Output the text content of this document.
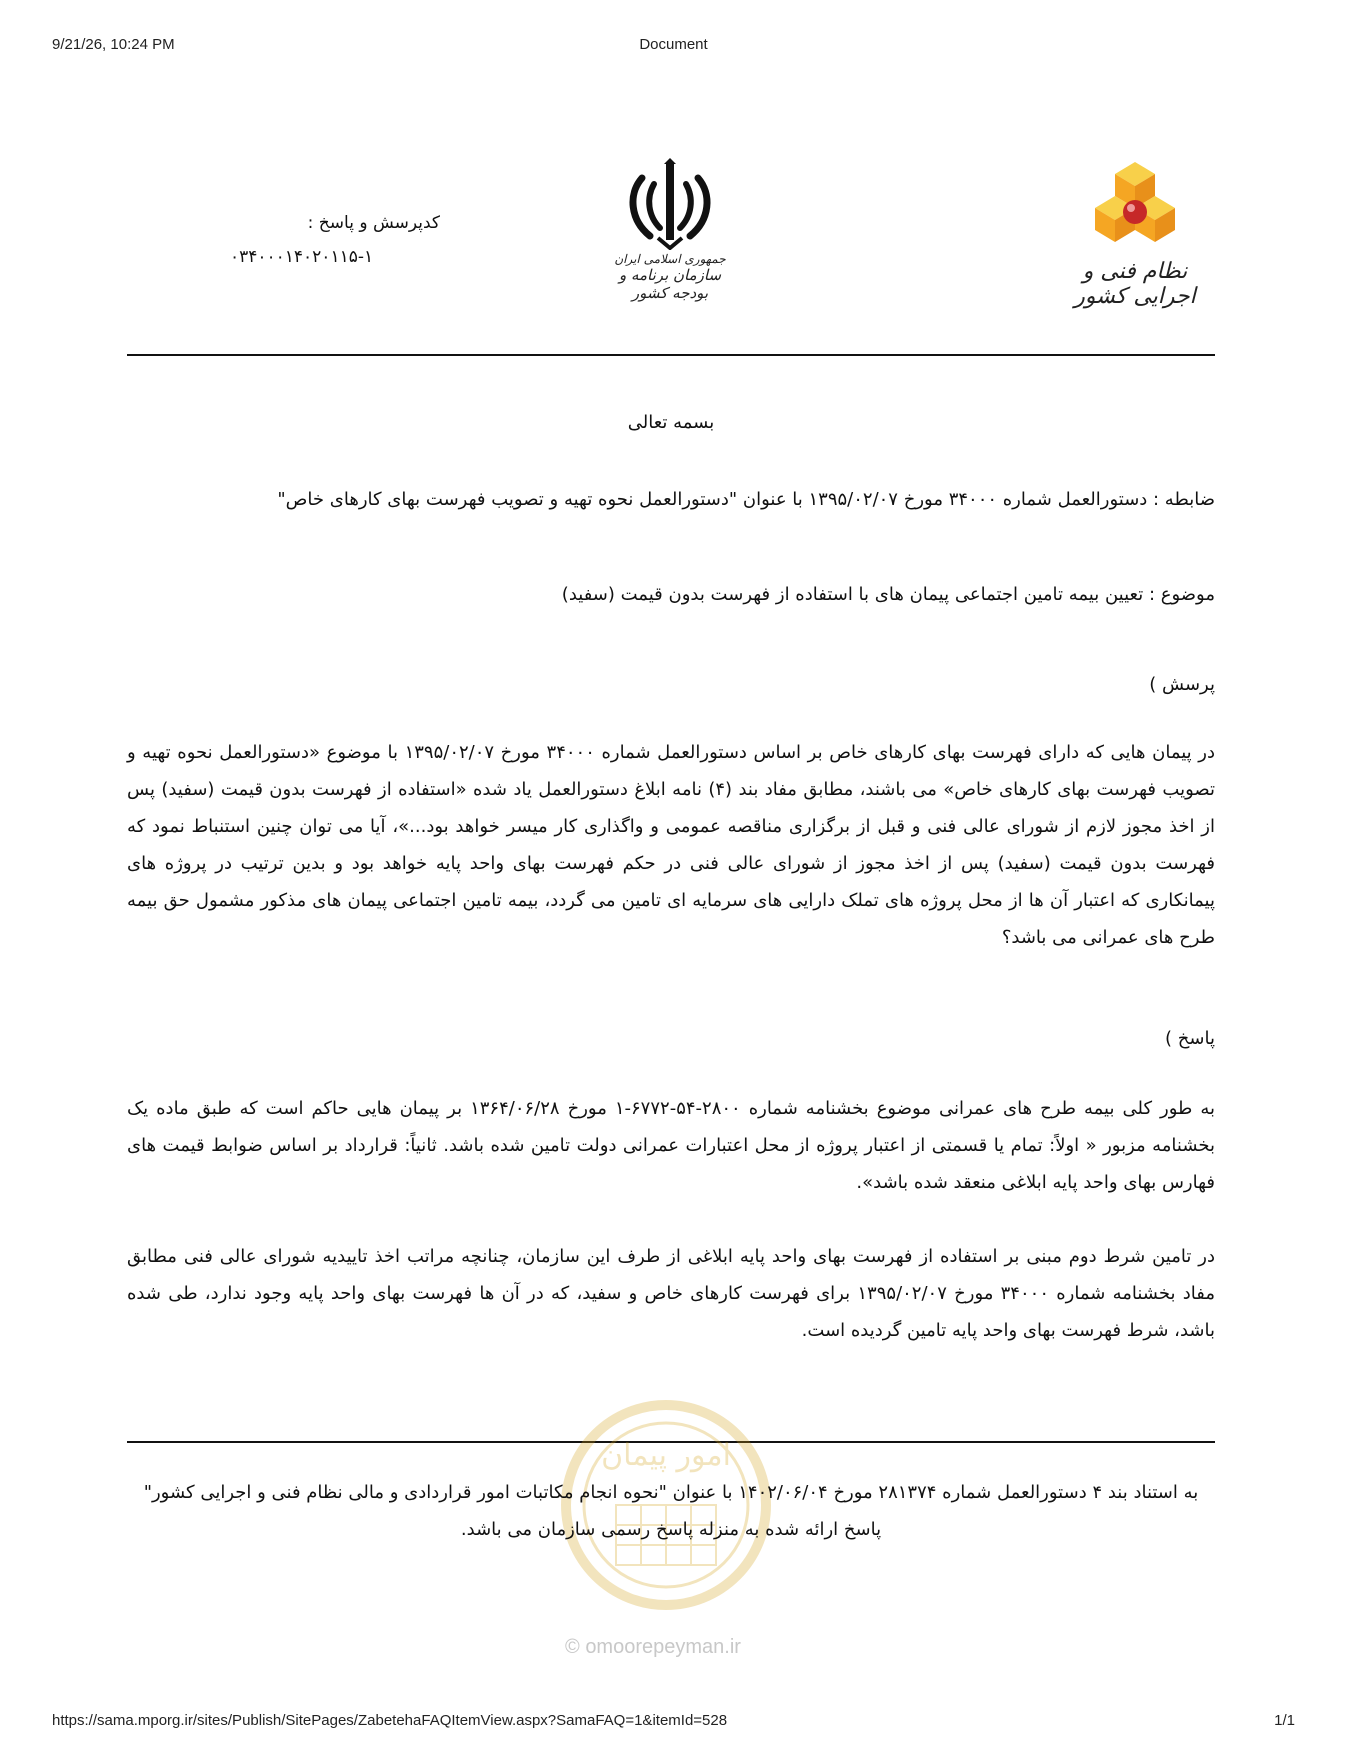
9/21/26, 10:24 PM	Document
نظام فنی و اجرایی کشور
جمهوری اسلامی ایران
سازمان برنامه و بودجه کشور
کدپرسش و پاسخ :
۰۳۴۰۰۰۱۴۰۲۰۱۱۵-۱
بسمه تعالی
ضابطه : دستورالعمل شماره ۳۴۰۰۰ مورخ ۱۳۹۵/۰۲/۰۷ با عنوان "دستورالعمل نحوه تهیه و تصویب فهرست بهای کارهای خاص"
موضوع : تعیین بیمه تامین اجتماعی پیمان های با استفاده از فهرست بدون قیمت (سفید)
پرسش )
در پیمان هایی که دارای فهرست بهای کارهای خاص بر اساس دستورالعمل شماره ۳۴۰۰۰ مورخ ۱۳۹۵/۰۲/۰۷ با موضوع «دستورالعمل نحوه تهیه و تصویب فهرست بهای کارهای خاص» می باشند، مطابق مفاد بند (۴) نامه ابلاغ دستورالعمل یاد شده «استفاده از فهرست بدون قیمت (سفید) پس از اخذ مجوز لازم از شورای عالی فنی و قبل از برگزاری مناقصه عمومی و واگذاری کار میسر خواهد بود...»، آیا می توان چنین استنباط نمود که فهرست بدون قیمت (سفید) پس از اخذ مجوز از شورای عالی فنی در حکم فهرست بهای واحد پایه خواهد بود و بدین ترتیب در پروژه های پیمانکاری که اعتبار آن ها از محل پروژه های تملک دارایی های سرمایه ای تامین می گردد، بیمه تامین اجتماعی پیمان های مذکور مشمول حق بیمه طرح های عمرانی می باشد؟
پاسخ )
به طور کلی بیمه طرح های عمرانی موضوع بخشنامه شماره ۲۸۰۰-۵۴-۶۷۷۲-۱ مورخ ۱۳۶۴/۰۶/۲۸ بر پیمان هایی حاکم است که طبق ماده یک بخشنامه مزبور « اولاً: تمام یا قسمتی از اعتبار پروژه از محل اعتبارات عمرانی دولت تامین شده باشد. ثانیاً: قرارداد بر اساس ضوابط قیمت های فهارس بهای واحد پایه ابلاغی منعقد شده باشد».
در تامین شرط دوم مبنی بر استفاده از فهرست بهای واحد پایه ابلاغی از طرف این سازمان، چنانچه مراتب اخذ تاییدیه شورای عالی فنی مطابق مفاد بخشنامه شماره ۳۴۰۰۰ مورخ ۱۳۹۵/۰۲/۰۷ برای فهرست کارهای خاص و سفید، که در آن ها فهرست بهای واحد پایه وجود ندارد، طی شده باشد، شرط فهرست بهای واحد پایه تامین گردیده است.
امور پیمان
به استناد بند ۴ دستورالعمل شماره ۲۸۱۳۷۴ مورخ ۱۴۰۲/۰۶/۰۴ با عنوان "نحوه انجام مکاتبات امور قراردادی و مالی نظام فنی و اجرایی کشور" پاسخ ارائه شده به منزله پاسخ رسمی سازمان می باشد.
© omoorepeyman.ir
https://sama.mporg.ir/sites/Publish/SitePages/ZabetehaFAQItemView.aspx?SamaFAQ=1&itemId=528	1/1
